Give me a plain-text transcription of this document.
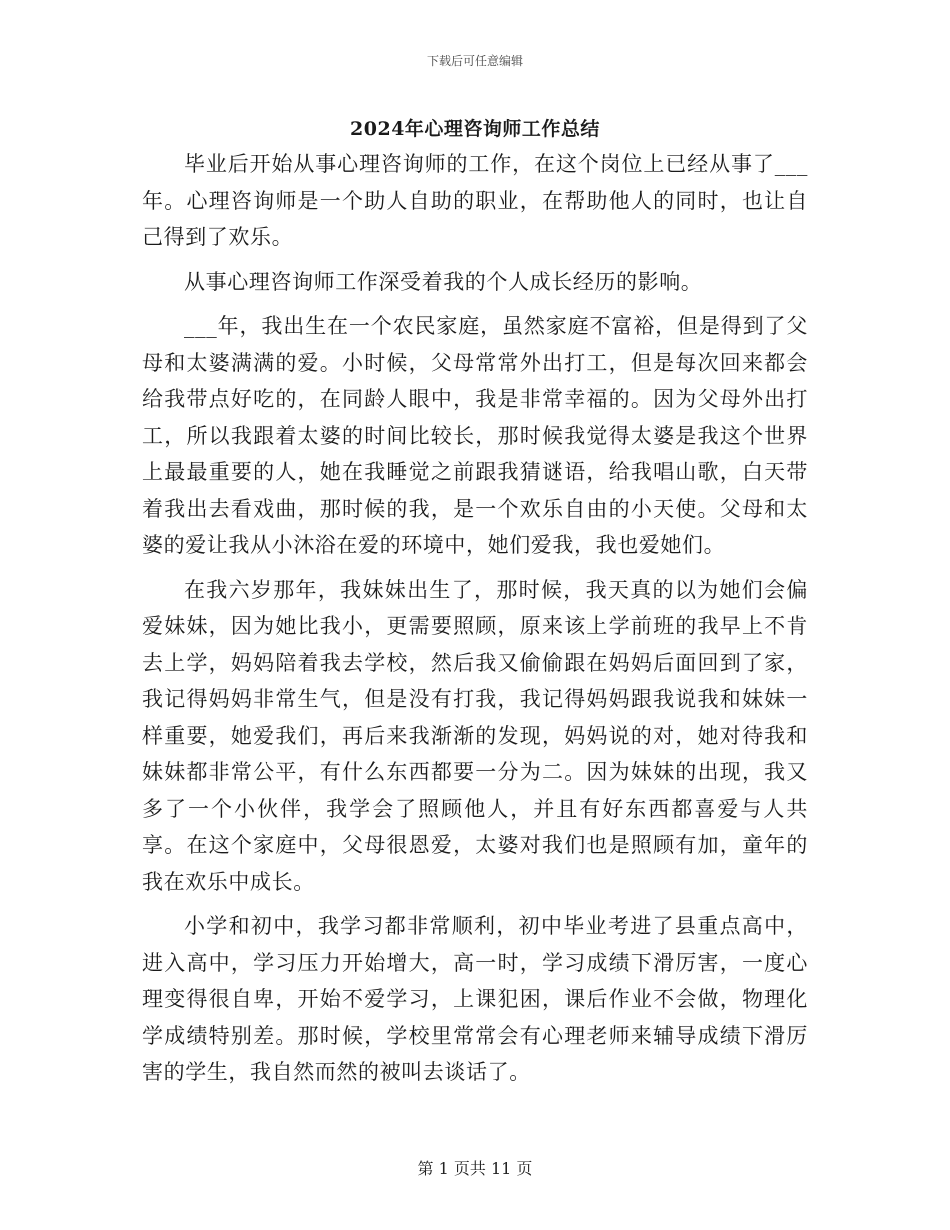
下载后可任意编辑
2024年心理咨询师工作总结

毕业后开始从事心理咨询师的工作，在这个岗位上已经从事了___年。心理咨询师是一个助人自助的职业，在帮助他人的同时，也让自己得到了欢乐。

从事心理咨询师工作深受着我的个人成长经历的影响。

___年，我出生在一个农民家庭，虽然家庭不富裕，但是得到了父母和太婆满满的爱。小时候，父母常常外出打工，但是每次回来都会给我带点好吃的，在同龄人眼中，我是非常幸福的。因为父母外出打工，所以我跟着太婆的时间比较长，那时候我觉得太婆是我这个世界上最最重要的人，她在我睡觉之前跟我猜谜语，给我唱山歌，白天带着我出去看戏曲，那时候的我，是一个欢乐自由的小天使。父母和太婆的爱让我从小沐浴在爱的环境中，她们爱我，我也爱她们。

在我六岁那年，我妹妹出生了，那时候，我天真的以为她们会偏爱妹妹，因为她比我小，更需要照顾，原来该上学前班的我早上不肯去上学，妈妈陪着我去学校，然后我又偷偷跟在妈妈后面回到了家，我记得妈妈非常生气，但是没有打我，我记得妈妈跟我说我和妹妹一样重要，她爱我们，再后来我渐渐的发现，妈妈说的对，她对待我和妹妹都非常公平，有什么东西都要一分为二。因为妹妹的出现，我又多了一个小伙伴，我学会了照顾他人，并且有好东西都喜爱与人共享。在这个家庭中，父母很恩爱，太婆对我们也是照顾有加，童年的我在欢乐中成长。

小学和初中，我学习都非常顺利，初中毕业考进了县重点高中，进入高中，学习压力开始增大，高一时，学习成绩下滑厉害，一度心理变得很自卑，开始不爱学习，上课犯困，课后作业不会做，物理化学成绩特别差。那时候，学校里常常会有心理老师来辅导成绩下滑厉害的学生，我自然而然的被叫去谈话了。

第 1 页共 11 页
